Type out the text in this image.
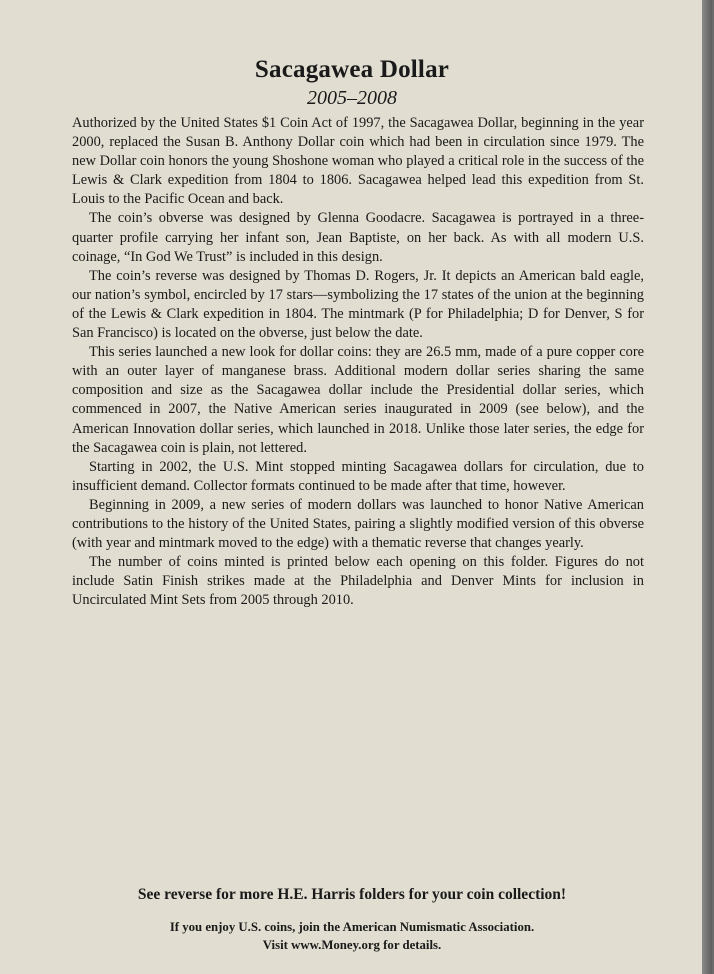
Sacagawea Dollar
2005–2008

Authorized by the United States $1 Coin Act of 1997, the Sacagawea Dollar, beginning in the year 2000, replaced the Susan B. Anthony Dollar coin which had been in circulation since 1979. The new Dollar coin honors the young Shoshone woman who played a critical role in the success of the Lewis & Clark expedition from 1804 to 1806. Sacagawea helped lead this expedition from St. Louis to the Pacific Ocean and back.

The coin’s obverse was designed by Glenna Goodacre. Sacagawea is portrayed in a three-quarter profile carrying her infant son, Jean Baptiste, on her back. As with all modern U.S. coinage, “In God We Trust” is included in this design.

The coin’s reverse was designed by Thomas D. Rogers, Jr. It depicts an American bald eagle, our nation’s symbol, encircled by 17 stars—symbolizing the 17 states of the union at the beginning of the Lewis & Clark expedition in 1804. The mintmark (P for Philadelphia; D for Denver, S for San Francisco) is located on the obverse, just below the date.

This series launched a new look for dollar coins: they are 26.5 mm, made of a pure copper core with an outer layer of manganese brass. Additional modern dollar series sharing the same composition and size as the Sacagawea dollar include the Presidential dollar series, which commenced in 2007, the Native American series inaugurated in 2009 (see below), and the American Innovation dollar series, which launched in 2018. Unlike those later series, the edge for the Sacagawea coin is plain, not lettered.

Starting in 2002, the U.S. Mint stopped minting Sacagawea dollars for circulation, due to insufficient demand. Collector formats continued to be made after that time, however.

Beginning in 2009, a new series of modern dollars was launched to honor Native American contributions to the history of the United States, pairing a slightly modified version of this obverse (with year and mintmark moved to the edge) with a thematic reverse that changes yearly.

The number of coins minted is printed below each opening on this folder. Figures do not include Satin Finish strikes made at the Philadelphia and Denver Mints for inclusion in Uncirculated Mint Sets from 2005 through 2010.

See reverse for more H.E. Harris folders for your coin collection!
If you enjoy U.S. coins, join the American Numismatic Association.
Visit www.Money.org for details.
